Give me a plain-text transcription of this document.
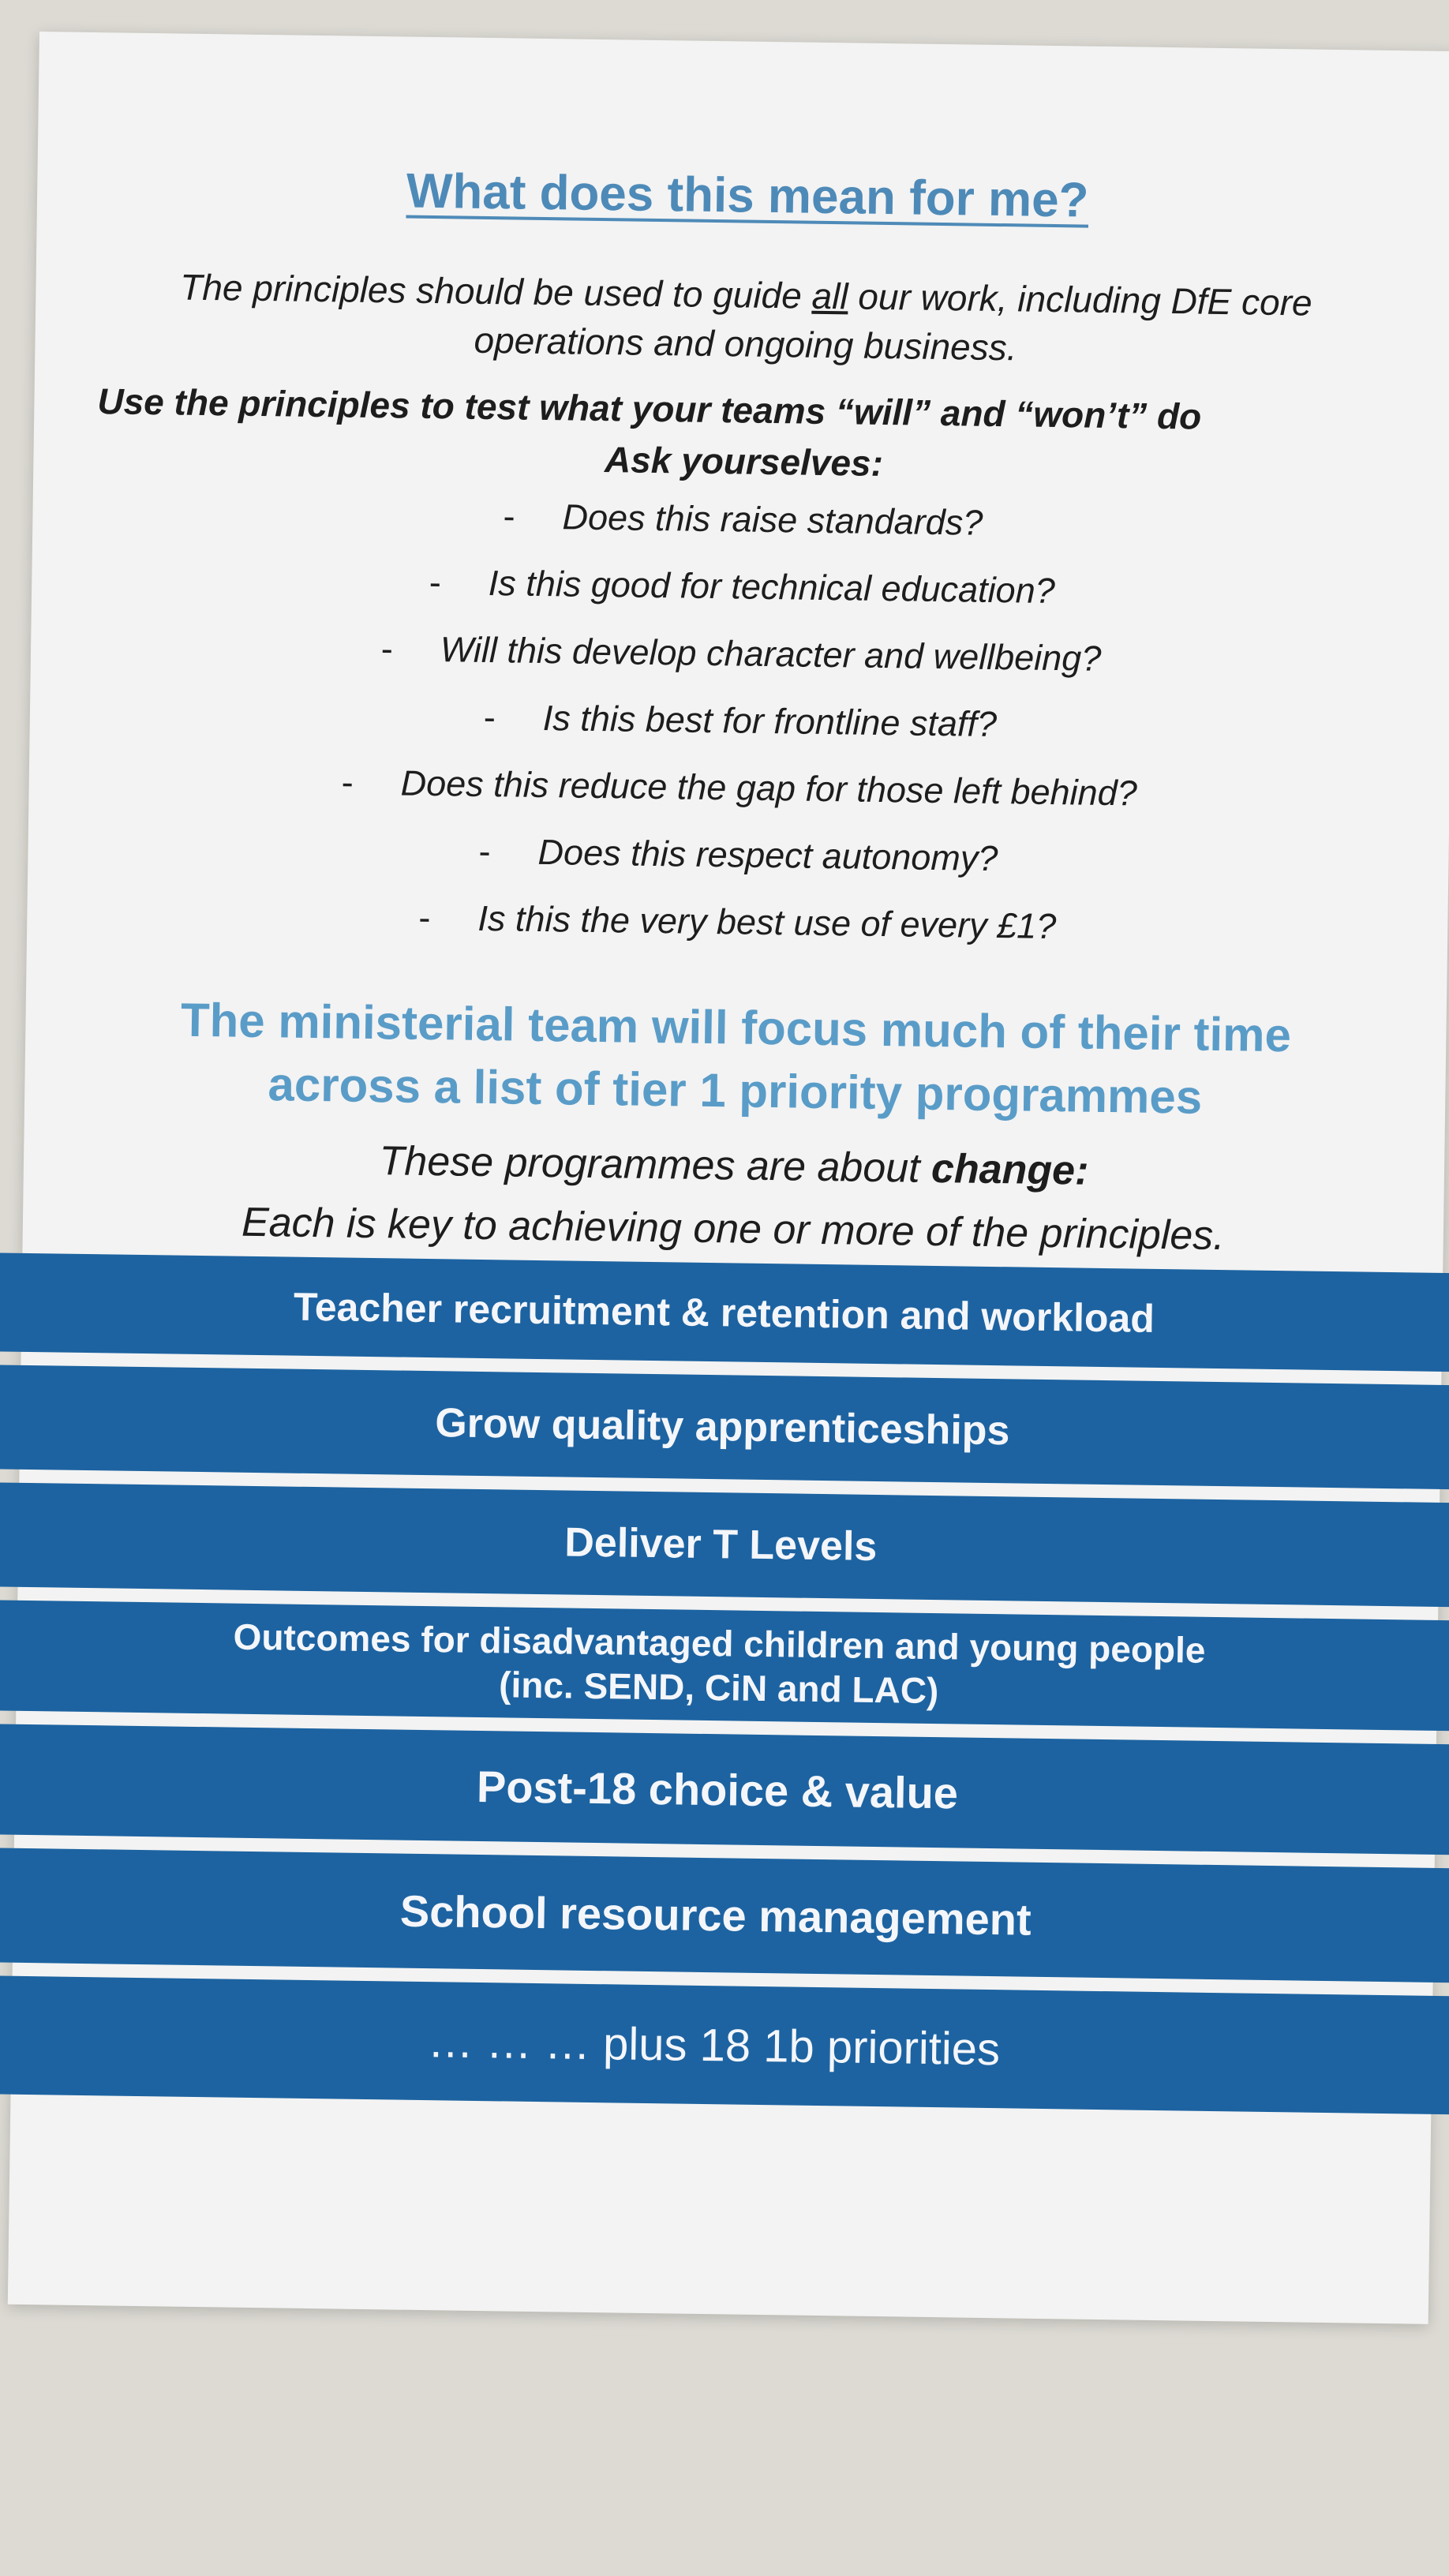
What does this mean for me?
The principles should be used to guide all our work, including DfE core operations and ongoing business.
Use the principles to test what your teams “will” and “won’t” do
Ask yourselves:
- Does this raise standards?
- Is this good for technical education?
- Will this develop character and wellbeing?
- Is this best for frontline staff?
- Does this reduce the gap for those left behind?
- Does this respect autonomy?
- Is this the very best use of every £1?
The ministerial team will focus much of their time
across a list of tier 1 priority programmes
These programmes are about change:
Each is key to achieving one or more of the principles.
Teacher recruitment & retention and workload
Grow quality apprenticeships
Deliver T Levels
Outcomes for disadvantaged children and young people
(inc. SEND, CiN and LAC)
Post-18 choice & value
School resource management
… … … plus 18 1b priorities
